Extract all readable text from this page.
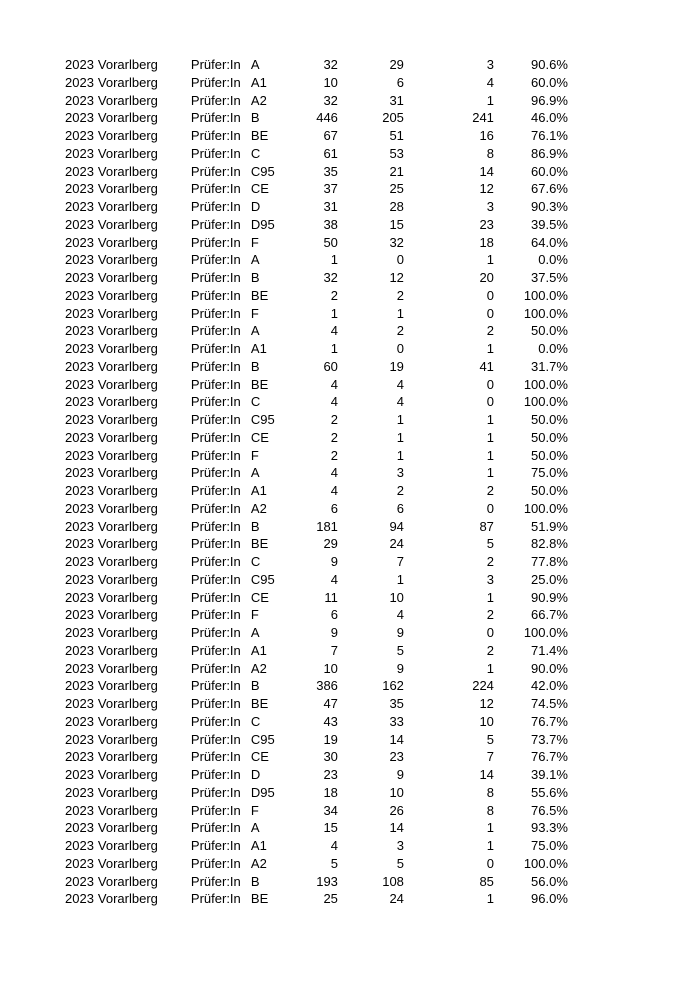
2023	Vorarlberg	Prüfer:In	A	32	29	3	90.6%
2023	Vorarlberg	Prüfer:In	A1	10	6	4	60.0%
2023	Vorarlberg	Prüfer:In	A2	32	31	1	96.9%
2023	Vorarlberg	Prüfer:In	B	446	205	241	46.0%
2023	Vorarlberg	Prüfer:In	BE	67	51	16	76.1%
2023	Vorarlberg	Prüfer:In	C	61	53	8	86.9%
2023	Vorarlberg	Prüfer:In	C95	35	21	14	60.0%
2023	Vorarlberg	Prüfer:In	CE	37	25	12	67.6%
2023	Vorarlberg	Prüfer:In	D	31	28	3	90.3%
2023	Vorarlberg	Prüfer:In	D95	38	15	23	39.5%
2023	Vorarlberg	Prüfer:In	F	50	32	18	64.0%
2023	Vorarlberg	Prüfer:In	A	1	0	1	0.0%
2023	Vorarlberg	Prüfer:In	B	32	12	20	37.5%
2023	Vorarlberg	Prüfer:In	BE	2	2	0	100.0%
2023	Vorarlberg	Prüfer:In	F	1	1	0	100.0%
2023	Vorarlberg	Prüfer:In	A	4	2	2	50.0%
2023	Vorarlberg	Prüfer:In	A1	1	0	1	0.0%
2023	Vorarlberg	Prüfer:In	B	60	19	41	31.7%
2023	Vorarlberg	Prüfer:In	BE	4	4	0	100.0%
2023	Vorarlberg	Prüfer:In	C	4	4	0	100.0%
2023	Vorarlberg	Prüfer:In	C95	2	1	1	50.0%
2023	Vorarlberg	Prüfer:In	CE	2	1	1	50.0%
2023	Vorarlberg	Prüfer:In	F	2	1	1	50.0%
2023	Vorarlberg	Prüfer:In	A	4	3	1	75.0%
2023	Vorarlberg	Prüfer:In	A1	4	2	2	50.0%
2023	Vorarlberg	Prüfer:In	A2	6	6	0	100.0%
2023	Vorarlberg	Prüfer:In	B	181	94	87	51.9%
2023	Vorarlberg	Prüfer:In	BE	29	24	5	82.8%
2023	Vorarlberg	Prüfer:In	C	9	7	2	77.8%
2023	Vorarlberg	Prüfer:In	C95	4	1	3	25.0%
2023	Vorarlberg	Prüfer:In	CE	11	10	1	90.9%
2023	Vorarlberg	Prüfer:In	F	6	4	2	66.7%
2023	Vorarlberg	Prüfer:In	A	9	9	0	100.0%
2023	Vorarlberg	Prüfer:In	A1	7	5	2	71.4%
2023	Vorarlberg	Prüfer:In	A2	10	9	1	90.0%
2023	Vorarlberg	Prüfer:In	B	386	162	224	42.0%
2023	Vorarlberg	Prüfer:In	BE	47	35	12	74.5%
2023	Vorarlberg	Prüfer:In	C	43	33	10	76.7%
2023	Vorarlberg	Prüfer:In	C95	19	14	5	73.7%
2023	Vorarlberg	Prüfer:In	CE	30	23	7	76.7%
2023	Vorarlberg	Prüfer:In	D	23	9	14	39.1%
2023	Vorarlberg	Prüfer:In	D95	18	10	8	55.6%
2023	Vorarlberg	Prüfer:In	F	34	26	8	76.5%
2023	Vorarlberg	Prüfer:In	A	15	14	1	93.3%
2023	Vorarlberg	Prüfer:In	A1	4	3	1	75.0%
2023	Vorarlberg	Prüfer:In	A2	5	5	0	100.0%
2023	Vorarlberg	Prüfer:In	B	193	108	85	56.0%
2023	Vorarlberg	Prüfer:In	BE	25	24	1	96.0%
